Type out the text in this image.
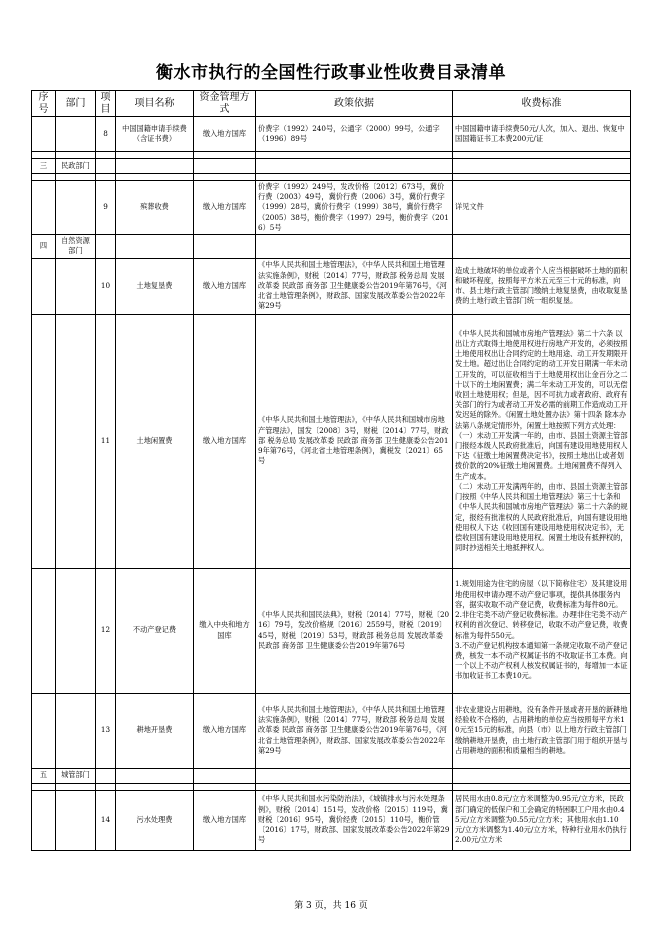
衡水市执行的全国性行政事业性收费目录清单
序号	部门	项目	项目名称	资金管理方式	政策依据	收费标准
		8	中国国籍申请手续费（含证书费）	缴入地方国库	价费字（1992）240号，公通字（2000）99号，公通字（1996）89号	中国国籍申请手续费50元/人次，加入、退出、恢复中国国籍证书工本费200元/证

三	民政部门					

		9	殡葬收费	缴入地方国库	价费字（1992）249号，发改价格〔2012〕673号，冀价行费（2003）49号，冀价行费（2006）3号，冀价行费字（1999）28号，冀价行费字（1999）38号，冀价行费字（2005）38号，衡价费字（1997）29号，衡价费字（2016）5号	详见文件
四	自然资源部门					
		10	土地复垦费	缴入地方国库	《中华人民共和国土地管理法》，《中华人民共和国土地管理法实施条例》，财税〔2014〕77号，财政部 税务总局 发展改革委 民政部 商务部 卫生健康委公告2019年第76号，《河北省土地管理条例》，财政部、国家发展改革委公告2022年第29号	造成土地破坏的单位或者个人应当根据破坏土地的面积和破坏程度，按照每平方米五元至三十元的标准，向市、县土地行政主管部门缴纳土地复垦费，由收取复垦费的土地行政主管部门统一组织复垦。
		11	土地闲置费	缴入地方国库	《中华人民共和国土地管理法》，《中华人民共和国城市房地产管理法》，国发〔2008〕3号，财税〔2014〕77号，财政部 税务总局 发展改革委 民政部 商务部 卫生健康委公告2019年第76号，《河北省土地管理条例》，冀税发〔2021〕65号	《中华人民共和国城市房地产管理法》第二十六条 以出让方式取得土地使用权进行房地产开发的，必须按照土地使用权出让合同约定的土地用途、动工开发期限开发土地。超过出让合同约定的动工开发日期满一年未动工开发的，可以征收相当于土地使用权出让金百分之二十以下的土地闲置费；满二年未动工开发的，可以无偿收回土地使用权；但是，因不可抗力或者政府、政府有关部门的行为或者动工开发必需的前期工作造成动工开发迟延的除外。《闲置土地处置办法》第十四条 除本办法第八条规定情形外，闲置土地按照下列方式处理：
（一）未动工开发满一年的，由市、县国土资源主管部门报经本级人民政府批准后，向国有建设用地使用权人下达《征缴土地闲置费决定书》，按照土地出让或者划拨价款的20%征缴土地闲置费。土地闲置费不得列入生产成本。
（二）未动工开发满两年的，由市、县国土资源主管部门按照《中华人民共和国土地管理法》第三十七条和《中华人民共和国城市房地产管理法》第二十六条的规定，报经有批准权的人民政府批准后，向国有建设用地使用权人下达《收回国有建设用地使用权决定书》，无偿收回国有建设用地使用权。闲置土地设有抵押权的，同时抄送相关土地抵押权人。

		12	不动产登记费	缴入中央和地方国库	《中华人民共和国民法典》，财税〔2014〕77号，财税〔2016〕79号，发改价格规〔2016〕2559号，财税〔2019〕45号，财税〔2019〕53号，财政部 税务总局 发展改革委 民政部 商务部 卫生健康委公告2019年第76号	1.规划用途为住宅的房屋（以下简称住宅）及其建设用地使用权申请办理不动产登记事项，提供具体服务内容，据实收取不动产登记费，收费标准为每件80元。
2.非住宅类不动产登记收费标准。办理非住宅类不动产权利的首次登记、转移登记，收取不动产登记费，收费标准为每件550元。
3.不动产登记机构按本通知第一条规定收取不动产登记费，核发一本不动产权属证书的不收取证书工本费。向一个以上不动产权利人核发权属证书的，每增加一本证书加收证书工本费10元。

		13	耕地开垦费	缴入地方国库	《中华人民共和国土地管理法》，《中华人民共和国土地管理法实施条例》，财税〔2014〕77号，财政部 税务总局 发展改革委 民政部 商务部 卫生健康委公告2019年第76号，《河北省土地管理条例》，财政部、国家发展改革委公告2022年第29号	非农业建设占用耕地，没有条件开垦或者开垦的新耕地经验收不合格的，占用耕地的单位应当按照每平方米10元至15元的标准，向县（市）以上地方行政主管部门缴纳耕地开垦费，由土地行政主管部门用于组织开垦与占用耕地的面积和质量相当的耕地。
五	城管部门					

		14	污水处理费	缴入地方国库	《中华人民共和国水污染防治法》，《城镇排水与污水处理条例》，财税〔2014〕151号，发改价格〔2015〕119号，冀财税〔2016〕95号，冀价经费〔2015〕110号，衡价管〔2016〕17号，财政部、国家发展改革委公告2022年第29号	居民用水由0.8元/立方米调整为0.95元/立方米，民政部门确定的低保户和工会确定的特困职工户用水由0.45元/立方米调整为0.55元/立方米；其他用水由1.10元/立方米调整为1.40元/立方米，特种行业用水仍执行2.00元/立方米
第 3 页，共 16 页
